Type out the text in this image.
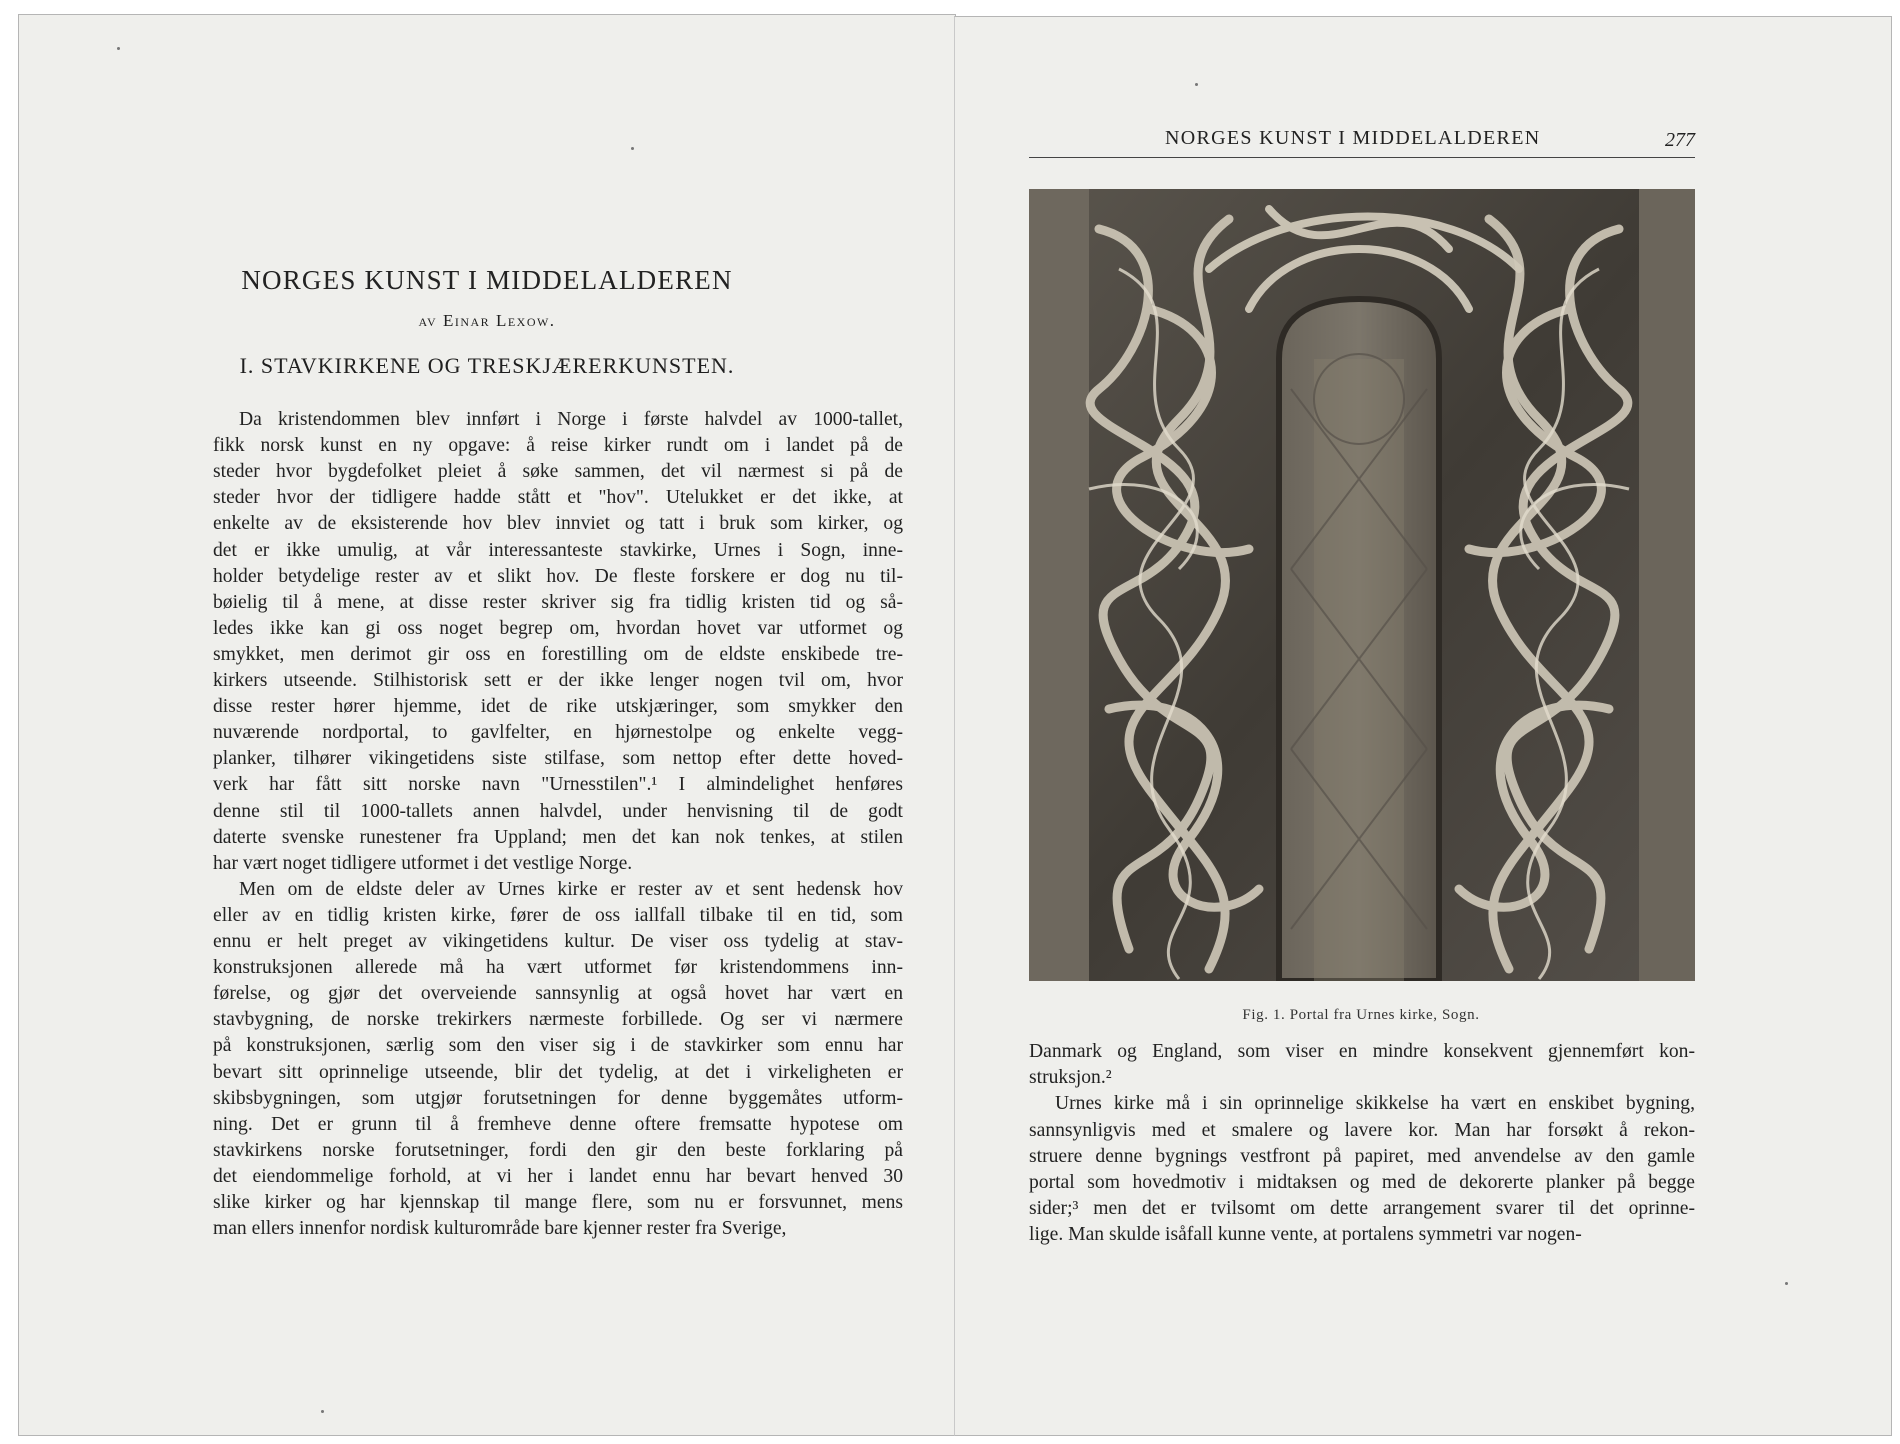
NORGES KUNST I MIDDELALDEREN
av Einar Lexow.
I. STAVKIRKENE OG TRESKJÆRERKUNSTEN.
Da kristendommen blev innført i Norge i første halvdel av 1000-tallet,
fikk norsk kunst en ny opgave: å reise kirker rundt om i landet på de
steder hvor bygdefolket pleiet å søke sammen, det vil nærmest si på de
steder hvor der tidligere hadde stått et "hov". Utelukket er det ikke, at
enkelte av de eksisterende hov blev innviet og tatt i bruk som kirker, og
det er ikke umulig, at vår interessanteste stavkirke, Urnes i Sogn, inne-
holder betydelige rester av et slikt hov. De fleste forskere er dog nu til-
bøielig til å mene, at disse rester skriver sig fra tidlig kristen tid og så-
ledes ikke kan gi oss noget begrep om, hvordan hovet var utformet og
smykket, men derimot gir oss en forestilling om de eldste enskibede tre-
kirkers utseende. Stilhistorisk sett er der ikke lenger nogen tvil om, hvor
disse rester hører hjemme, idet de rike utskjæringer, som smykker den
nuværende nordportal, to gavlfelter, en hjørnestolpe og enkelte vegg-
planker, tilhører vikingetidens siste stilfase, som nettop efter dette hoved-
verk har fått sitt norske navn "Urnesstilen".¹ I almindelighet henføres
denne stil til 1000-tallets annen halvdel, under henvisning til de godt
daterte svenske runestener fra Uppland; men det kan nok tenkes, at stilen
har vært noget tidligere utformet i det vestlige Norge.
Men om de eldste deler av Urnes kirke er rester av et sent hedensk hov
eller av en tidlig kristen kirke, fører de oss iallfall tilbake til en tid, som
ennu er helt preget av vikingetidens kultur. De viser oss tydelig at stav-
konstruksjonen allerede må ha vært utformet før kristendommens inn-
førelse, og gjør det overveiende sannsynlig at også hovet har vært en
stavbygning, de norske trekirkers nærmeste forbillede. Og ser vi nærmere
på konstruksjonen, særlig som den viser sig i de stavkirker som ennu har
bevart sitt oprinnelige utseende, blir det tydelig, at det i virkeligheten er
skibsbygningen, som utgjør forutsetningen for denne byggemåtes utform-
ning. Det er grunn til å fremheve denne oftere fremsatte hypotese om
stavkirkens norske forutsetninger, fordi den gir den beste forklaring på
det eiendommelige forhold, at vi her i landet ennu har bevart henved 30
slike kirker og har kjennskap til mange flere, som nu er forsvunnet, mens
man ellers innenfor nordisk kulturområde bare kjenner rester fra Sverige,
NORGES KUNST I MIDDELALDEREN	277
Fig. 1. Portal fra Urnes kirke, Sogn.
Danmark og England, som viser en mindre konsekvent gjennemført kon-
struksjon.²
Urnes kirke må i sin oprinnelige skikkelse ha vært en enskibet bygning,
sannsynligvis med et smalere og lavere kor. Man har forsøkt å rekon-
struere denne bygnings vestfront på papiret, med anvendelse av den gamle
portal som hovedmotiv i midtaksen og med de dekorerte planker på begge
sider;³ men det er tvilsomt om dette arrangement svarer til det oprinne-
lige. Man skulde isåfall kunne vente, at portalens symmetri var nogen-
